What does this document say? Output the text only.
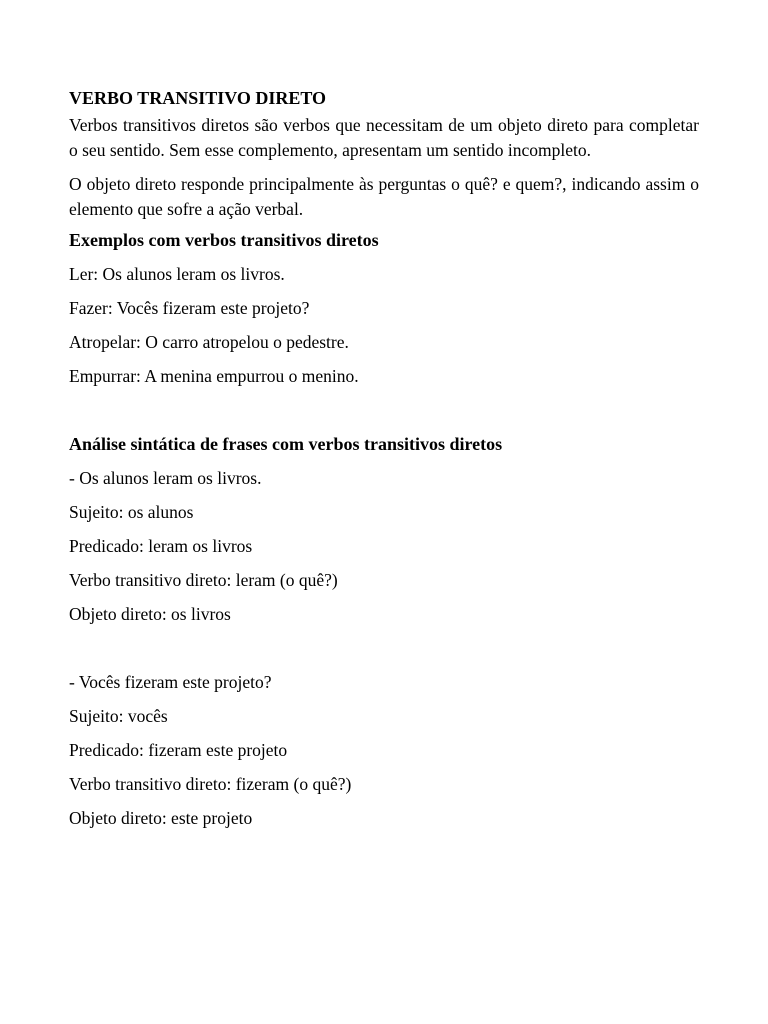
VERBO TRANSITIVO DIRETO
Verbos transitivos diretos são verbos que necessitam de um objeto direto para completar o seu sentido. Sem esse complemento, apresentam um sentido incompleto.
O objeto direto responde principalmente às perguntas o quê? e quem?, indicando assim o elemento que sofre a ação verbal.
Exemplos com verbos transitivos diretos
Ler: Os alunos leram os livros.
Fazer: Vocês fizeram este projeto?
Atropelar: O carro atropelou o pedestre.
Empurrar: A menina empurrou o menino.
Análise sintática de frases com verbos transitivos diretos
- Os alunos leram os livros.
Sujeito: os alunos
Predicado: leram os livros
Verbo transitivo direto: leram (o quê?)
Objeto direto: os livros
- Vocês fizeram este projeto?
Sujeito: vocês
Predicado: fizeram este projeto
Verbo transitivo direto: fizeram (o quê?)
Objeto direto: este projeto
